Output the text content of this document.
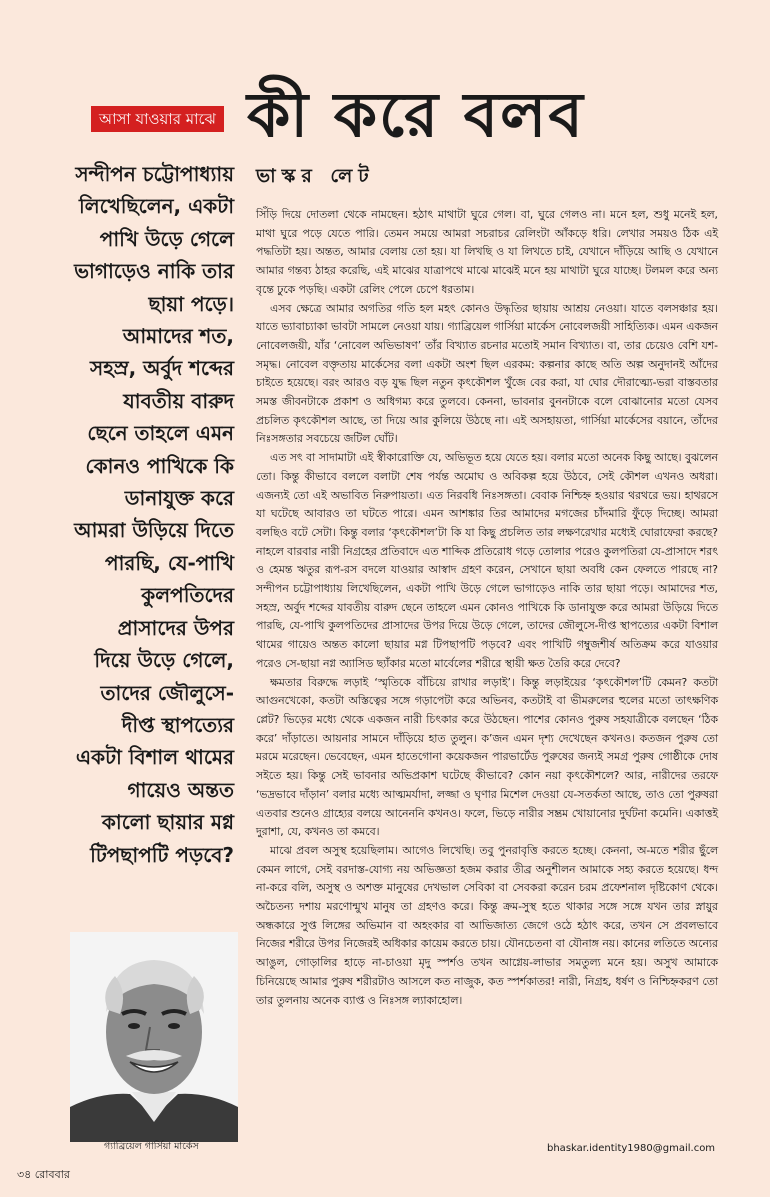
আসা যাওয়ার মাঝে কী করে বলব
ভাস্কর লেট
সন্দীপন চট্টোপাধ্যায়
লিখেছিলেন, একটা
পাখি উড়ে গেলে
ভাগাড়েও নাকি তার
ছায়া পড়ে।
আমাদের শত,
সহস্র, অর্বুদ শব্দের
যাবতীয় বারুদ
ছেনে তাহলে এমন
কোনও পাখিকে কি
ডানাযুক্ত করে
আমরা উড়িয়ে দিতে
পারছি, যে-পাখি
কুলপতিদের
প্রাসাদের উপর
দিয়ে উড়ে গেলে,
তাদের জৌলুসে-
দীপ্ত স্থাপত্যের
একটা বিশাল থামের
গায়েও অন্তত
কালো ছায়ার মগ্ন
টিপছাপটি পড়বে?

সিঁড়ি দিয়ে দোতলা থেকে নামছেন। হঠাৎ মাথাটা ঘুরে গেল। বা, ঘুরে গেলও না। মনে হল, শুধু মনেই হল, মাথা ঘুরে পড়ে যেতে পারি। তেমন সময়ে আমরা সচরাচর রেলিংটা আঁকড়ে ধরি। লেখার সময়ও ঠিক এই পদ্ধতিটা হয়। অন্তত, আমার বেলায় তো হয়। যা লিখছি ও যা লিখতে চাই, যেখানে দাঁড়িয়ে আছি ও যেখানে আমার গন্তব্য ঠাহর করেছি, এই মাঝের যাত্রাপথে মাঝে মাঝেই মনে হয় মাথাটা ঘুরে যাচ্ছে। টলমল করে অন্য বৃন্তে ঢুকে পড়ছি। একটা রেলিং পেলে চেপে ধরতাম।

এসব ক্ষেত্রে আমার অগতির গতি হল মহৎ কোনও উদ্ধৃতির ছায়ায় আশ্রয় নেওয়া। যাতে বলসঞ্চার হয়। যাতে ভ্যাবাচ্যাকা ভাবটা সামলে নেওয়া যায়। গ্যাব্রিয়েল গার্সিয়া মার্কেস নোবেলজয়ী সাহিত্যিক। এমন একজন নোবেলজয়ী, যাঁর ‘নোবেল অভিভাষণ’ তাঁর বিখ্যাত রচনার মতোই সমান বিখ্যাত। বা, তার চেয়েও বেশি যশ-সমৃদ্ধ। নোবেল বক্তৃতায় মার্কেসের বলা একটা অংশ ছিল এরকম: কল্পনার কাছে অতি অল্প অনুদানই আঁদের চাইতে হয়েছে। বরং আরও বড় যুদ্ধ ছিল নতুন কৃৎকৌশল খুঁজে বের করা, যা ঘোর দৌরাত্ম্যে-ভরা বাস্তবতার সমস্ত জীবনটাকে প্রকাশ ও অধিগম্য করে তুলবে। কেননা, ভাবনার বুননটাকে বলে বোঝানোর মতো যেসব প্রচলিত কৃৎকৌশল আছে, তা দিয়ে আর কুলিয়ে উঠছে না। এই অসহায়তা, গার্সিয়া মার্কেসের বয়ানে, তাঁদের নিঃসঙ্গতার সবচেয়ে জটিল ঘোঁট।

এত সৎ বা সাদামাটা এই স্বীকারোক্তি যে, অভিভূত হয়ে যেতে হয়। বলার মতো অনেক কিছু আছে। বুঝলেন তো। কিন্তু কীভাবে বললে বলাটা শেষ পর্যন্ত অমোঘ ও অবিকল্প হয়ে উঠবে, সেই কৌশল এখনও অধরা। এজন্যই তো এই অভাবিত নিরুপায়তা। এত নিরবধি নিঃসঙ্গতা। বেবাক নিশ্চিহ্ন হওয়ার থরথরে ভয়। হাথরসে যা ঘটেছে আবারও তা ঘটতে পারে। এমন আশঙ্কার তির আমাদের মগজের চাঁদমারি ফুঁড়ে দিচ্ছে। আমরা বলছিও বটে সেটা। কিন্তু বলার ‘কৃৎকৌশল’টা কি যা কিছু প্রচলিত তার লক্ষণরেখার মধ্যেই ঘোরাফেরা করছে? নাহলে বারবার নারী নিগ্রহের প্রতিবাদে এত শাব্দিক প্রতিরোধ গড়ে তোলার পরেও কুলপতিরা যে-প্রাসাদে শরৎ ও হেমন্ত ঋতুর রূপ-রস বদলে যাওয়ার আস্বাদ গ্রহণ করেন, সেখানে ছায়া অবধি কেন ফেলতে পারছে না? সন্দীপন চট্টোপাধ্যায় লিখেছিলেন, একটা পাখি উড়ে গেলে ভাগাড়েও নাকি তার ছায়া পড়ে। আমাদের শত, সহস্র, অর্বুদ শব্দের যাবতীয় বারুদ ছেনে তাহলে এমন কোনও পাখিকে কি ডানাযুক্ত করে আমরা উড়িয়ে দিতে পারছি, যে-পাখি কুলপতিদের প্রাসাদের উপর দিয়ে উড়ে গেলে, তাদের জৌলুসে-দীপ্ত স্থাপত্যের একটা বিশাল থামের গায়েও অন্তত কালো ছায়ার মগ্ন টিপছাপটি পড়বে? এবং পাখিটি গম্বুজশীর্ষ অতিক্রম করে যাওয়ার পরেও সে-ছায়া নগ্ন অ্যাসিড ছ্যাঁকার মতো মার্বেলের শরীরে স্থায়ী ক্ষত তৈরি করে দেবে?

ক্ষমতার বিরুদ্ধে লড়াই ‘স্মৃতিকে বাঁচিয়ে রাখার লড়াই’। কিন্তু লড়াইয়ের ‘কৃৎকৌশল’টি কেমন? কতটা আগুনখেকো, কতটা অস্তিত্বের সঙ্গে গড়াপেটা করে অভিনব, কতটাই বা ভীমরুলের হুলের মতো তাৎক্ষণিক প্লেট? ভিড়ের মধ্যে থেকে একজন নারী চিৎকার করে উঠছেন। পাশের কোনও পুরুষ সহযাত্রীকে বলছেন ‘ঠিক করে’ দাঁড়াতে। আয়নার সামনে দাঁড়িয়ে হাত তুলুন। ক’জন এমন দৃশ্য দেখেছেন কখনও। কতজন পুরুষ তো মরমে মরেছেন। ভেবেছেন, এমন হাতেগোনা কয়েকজন পারভার্টেড পুরুষের জন্যই সমগ্র পুরুষ গোষ্ঠীকে দোষ সইতে হয়। কিন্তু সেই ভাবনার অভিপ্রকাশ ঘটেছে কীভাবে? কোন নয়া কৃৎকৌশলে? আর, নারীদের তরফে ‘ভদ্রভাবে দাঁড়ান’ বলার মধ্যে আত্মমর্যাদা, লজ্জা ও ঘৃণার মিশেল দেওয়া যে-সতর্কতা আছে, তাও তো পুরুষরা এতবার শুনেও গ্রাহ্যের বলয়ে আনেননি কখনও। ফলে, ভিড়ে নারীর সম্ভ্রম খোয়ানোর দুর্ঘটনা কমেনি। একাত্তই দুরাশা, যে, কখনও তা কমবে।

মাঝে প্রবল অসুস্থ হয়েছিলাম। আগেও লিখেছি। তবু পুনরাবৃত্তি করতে হচ্ছে। কেননা, অ-মতে শরীর ছুঁলে কেমন লাগে, সেই বরদাস্ত-যোগ্য নয় অভিজ্ঞতা হজম করার তীব্র অনুশীলন আমাকে সহ্য করতে হয়েছে। ধন্দ না-করে বলি, অসুস্থ ও অশক্ত মানুষের দেখভাল সেবিকা বা সেবকরা করেন চরম প্রফেশনাল দৃষ্টিকোণ থেকে। অচৈতন্য দশায় মরণোন্মুখ মানুষ তা গ্রহণও করে। কিন্তু ক্রম-সুস্থ হতে থাকার সঙ্গে সঙ্গে যখন তার স্নায়ুর অন্ধকারে সুপ্ত লিঙ্গের অভিমান বা অহংকার বা আভিজাত্য জেগে ওঠে হঠাৎ করে, তখন সে প্রবলভাবে নিজের শরীরে উপর নিজেরই অধিকার কায়েম করতে চায়। যৌনচেতনা বা যৌনাঙ্গ নয়। কানের লতিতে অন্যের আঙুল, গোড়ালির হাড়ে না-চাওয়া মৃদু স্পর্শও তখন আগ্নেয়-লাভার সমতুল্য মনে হয়। অসুখ আমাকে চিনিয়েছে আমার পুরুষ শরীরটাও আসলে কত নাজুক, কত স্পর্শকাতর! নারী, নিগ্রহ, ধর্ষণ ও নিশ্চিহ্নকরণ তো তার তুলনায় অনেক ব্যাপ্ত ও নিঃসঙ্গ ল্যাকাহোল।

গ্যাব্রিয়েল গার্সিয়া মার্কেস	bhaskar.identity1980@gmail.com
৩৪ রোববার
